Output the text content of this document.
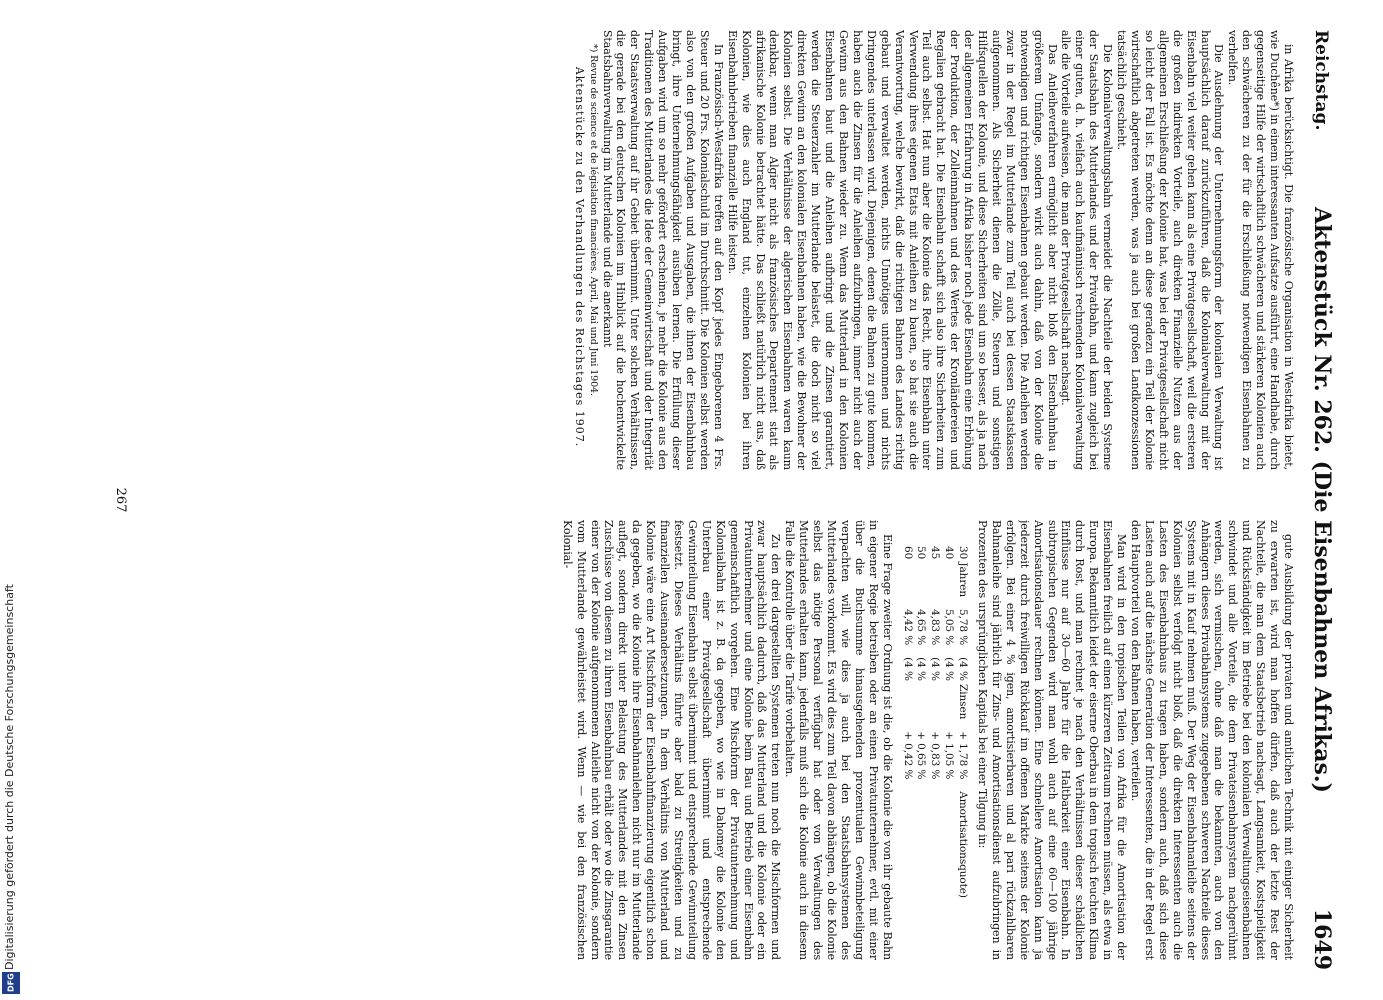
Digitalisierung gefördert durch die Deutsche Forschungsgemeinschaft
DFG
Reichstag.
Aktenstück Nr. 262. (Die Eisenbahnen Afrikas.)
1649

in Afrika berücksichtigt. Die französische Organisation in Westafrika bietet, wie Duchêne*) in einem interessanten Aufsatze ausführt, eine Handhabe, durch gegenseitige Hilfe der wirtschaftlich schwächeren und stärkeren Kolonien auch den schwächeren zu der für die Erschließung notwendigen Eisenbahnen zu verhelfen.

Die Ausdehnung der Unternehmungsform der kolonialen Verwaltung ist hauptsächlich darauf zurückzuführen, daß die Kolonialverwaltung mit der Eisenbahn viel weiter gehen kann als eine Privatgesellschaft, weil die ersteren die großen indirekten Vorteile, auch direkten Finanzielle Nutzen aus der allgemeinen Erschließung der Kolonie hat, was bei der Privatgesellschaft nicht so leicht der Fall ist. Es möchte denn an diese geradezu ein Teil der Kolonie wirtschaftlich abgetreten werden, was ja auch bei großen Landkonzessionen tatsächlich geschieht.

Die Kolonialverwaltungsbahn vermeidet die Nachteile der beiden Systeme der Staatsbahn des Mutterlandes und der Privatbahn, und kann zugleich bei einer guten, d. h. vielfach auch kaufmännisch rechnenden Kolonialverwaltung alle die Vorteile aufweisen, die man der Privatgesellschaft nachsagt.

Das Anleiheverfahren ermöglicht aber nicht bloß den Eisenbahnbau in größerem Umfange, sondern wirkt auch dahin, daß von der Kolonie die notwendigen und richtigen Eisenbahnen gebaut werden. Die Anleihen werden zwar in der Regel im Mutterlande zum Teil auch bei dessen Staatskassen aufgenommen. Als Sicherheit dienen die Zölle, Steuern und sonstigen Hilfsquellen der Kolonie, und diese Sicherheiten sind um so besser, als ja nach der allgemeinen Erfahrung in Afrika bisher noch jede Eisenbahn eine Erhöhung der Produktion, der Zolleinnahmen und des Wertes der Kronländereien und Regalien gebracht hat. Die Eisenbahn schafft sich also ihre Sicherheiten zum Teil auch selbst. Hat nun aber die Kolonie das Recht, ihre Eisenbahn unter Verwendung ihres eigenen Etats mit Anleihen zu bauen, so hat sie auch die Verantwortung, welche bewirkt, daß die richtigen Bahnen des Landes richtig gebaut und verwaltet werden, nichts Unnötiges unternommen und nichts Dringendes unterlassen wird. Diejenigen, denen die Bahnen zu gute kommen, haben auch die Zinsen für die Anleihen aufzubringen, immer nicht auch der Gewinn aus den Bahnen wieder zu. Wenn das Mutterland in den Kolonien Eisenbahnen baut und die Anleihen aufbringt und die Zinsen garantiert, werden die Steuerzahler im Mutterlande belastet, die doch nicht so viel direkten Gewinn an den kolonialen Eisenbahnen haben, wie die Bewohner der Kolonien selbst. Die Verhältnisse der algerischen Eisenbahnen waren kaum denkbar, wenn man Algier nicht als französisches Departement statt als afrikanische Kolonie betrachtet hätte. Das schließt natürlich nicht aus, daß Kolonien, wie dies auch England tut, einzelnen Kolonien bei ihren Eisenbahnbetrieben finanzielle Hilfe leisten.

In Französisch-Westafrika treffen auf den Kopf jedes Eingeborenen 4 Frs. Steuer und 20 Frs. Kolonialschuld im Durchschnitt. Die Kolonien selbst werden also von den großen Aufgaben und Ausgaben, die ihnen der Eisenbahnbau bringt, ihre Unternehmungsfähigkeit ausüben lernen. Die Erfüllung dieser Aufgaben wird um so mehr gefördert erscheinen, je mehr die Kolonie aus den Traditionen des Mutterlandes die Idee der Gemeinwirtschaft und der Integrität der Staatsverwaltung auf ihr Gebiet übernimmt. Unter solchen Verhältnissen, die gerade bei den deutschen Kolonien im Hinblick auf die hochentwickelte Staatsbahnverwaltung im Mutterlande und die anerkannt

*) Revue de science et de législation financières. April, Mai und Juni 1904.

Aktenstücke zu den Verhandlungen des Reichstages 1907.

gute Ausbildung der privaten und amtlichen Technik mit einiger Sicherheit zu erwarten ist, wird man hoffen dürfen, daß auch der letzte Rest der Nachteile, die man dem Staatsbetrieb nachsagt, Langsamkeit, Kostspieligkeit und Rückständigkeit im Betriebe bei den kolonialen Verwaltungseisenbahnen schwindet und alle Vorteile, die dem Privateisenbahnsystem nachgerühmt werden, sich vermischen, ohne daß man die bekannten, auch von den Anhängern dieses Privatbahnsystems zugegebenen schweren Nachteile dieses Systems mit in Kauf nehmen muß. Der Weg der Eisenbahnanleihe seitens der Kolonien selbst verfolgt nicht bloß, daß die direkten Interessenten auch die Lasten des Eisenbahnbaus zu tragen haben, sondern auch, daß sich diese Lasten auch auf die nächste Generation der Interessenten, die in der Regel erst den Hauptvorteil von den Bahnen haben, verteilen.

Man wird in den tropischen Teilen von Afrika für die Amortisation der Eisenbahnen freilich auf einen kürzeren Zeitraum rechnen müssen, als etwa in Europa. Bekanntlich leidet der eiserne Oberbau in dem tropisch feuchten Klima durch Rost, und man rechnet je nach den Verhältnissen dieser schädlichen Einflüsse nur auf 30—60 Jahre für die Haltbarkeit einer Eisenbahn. In subtropischen Gegenden wird man wohl auch auf eine 60—100 jährige Amortisationsdauer rechnen können. Eine schnellere Amortisation kann ja jederzeit durch freiwilligen Rückkauf im offenen Markte seitens der Kolonie erfolgen. Bei einer 4 % igen, amortisierbaren und al pari rückzahlbaren Bahnanleihe sind jährlich für Zins- und Amortisationsdienst aufzubringen in Prozenten des ursprünglichen Kapitals bei einer Tilgung in:

30 Jahren	5,78 %	(4 % Zinsen	+ 1,78 %	Amortisationsquote)
40	5,05 %	(4 %	+ 1,05 %	
45	4,83 %	(4 %	+ 0,83 %	
50	4,65 %	(4 %	+ 0,65 %	
60	4,42 %	(4 %	+ 0,42 %	

Eine Frage zweiter Ordnung ist die, ob die Kolonie die von ihr gebaute Bahn in eigener Regie betreiben oder an einen Privatunternehmer, evtl. mit einer über die Buchsumme hinausgehenden prozentualen Gewinnbeteiligung verpachten will, wie dies ja auch bei den Staatsbahnsystemen des Mutterlandes vorkommt. Es wird dies zum Teil davon abhängen, ob die Kolonie selbst das nötige Personal verfügbar hat oder von Verwaltungen des Mutterlandes erhalten kann, jedenfalls muß sich die Kolonie auch in diesem Falle die Kontrolle über die Tarife vorbehalten.

Zu den drei dargestellten Systemen treten nun noch die Mischformen und zwar hauptsächlich dadurch, daß das Mutterland und die Kolonie oder ein Privatunternehmer und eine Kolonie beim Bau und Betrieb einer Eisenbahn gemeinschaftlich vorgehen. Eine Mischform der Privatunternehmung und Kolonialbahn ist z. B. da gegeben, wo wie in Dahomey die Kolonie den Unterbau einer Privatgesellschaft übernimmt und entsprechende Gewinnteilung Eisenbahn selbst übernimmt und entsprechende Gewinnteilung festsetzt. Dieses Verhältnis führte aber bald zu Streitigkeiten und zu finanziellen Auseinandersetzungen. In dem Verhältnis von Mutterland und Kolonie wäre eine Art Mischform der Eisenbahnfinanzierung eigentlich schon da gegeben, wo die Kolonie ihre Eisenbahnanleihen nicht nur im Mutterlande auflegt, sondern direkt unter Belastung des Mutterlandes mit den Zinsen Zuschüsse von diesem zu ihrem Eisenbahnbau erhält oder wo die Zinsgarantie einer von der Kolonie aufgenommenen Anleihe nicht von der Kolonie, sondern vom Mutterlande gewährleistet wird. Wenn — wie bei den französischen Kolonial-

267
